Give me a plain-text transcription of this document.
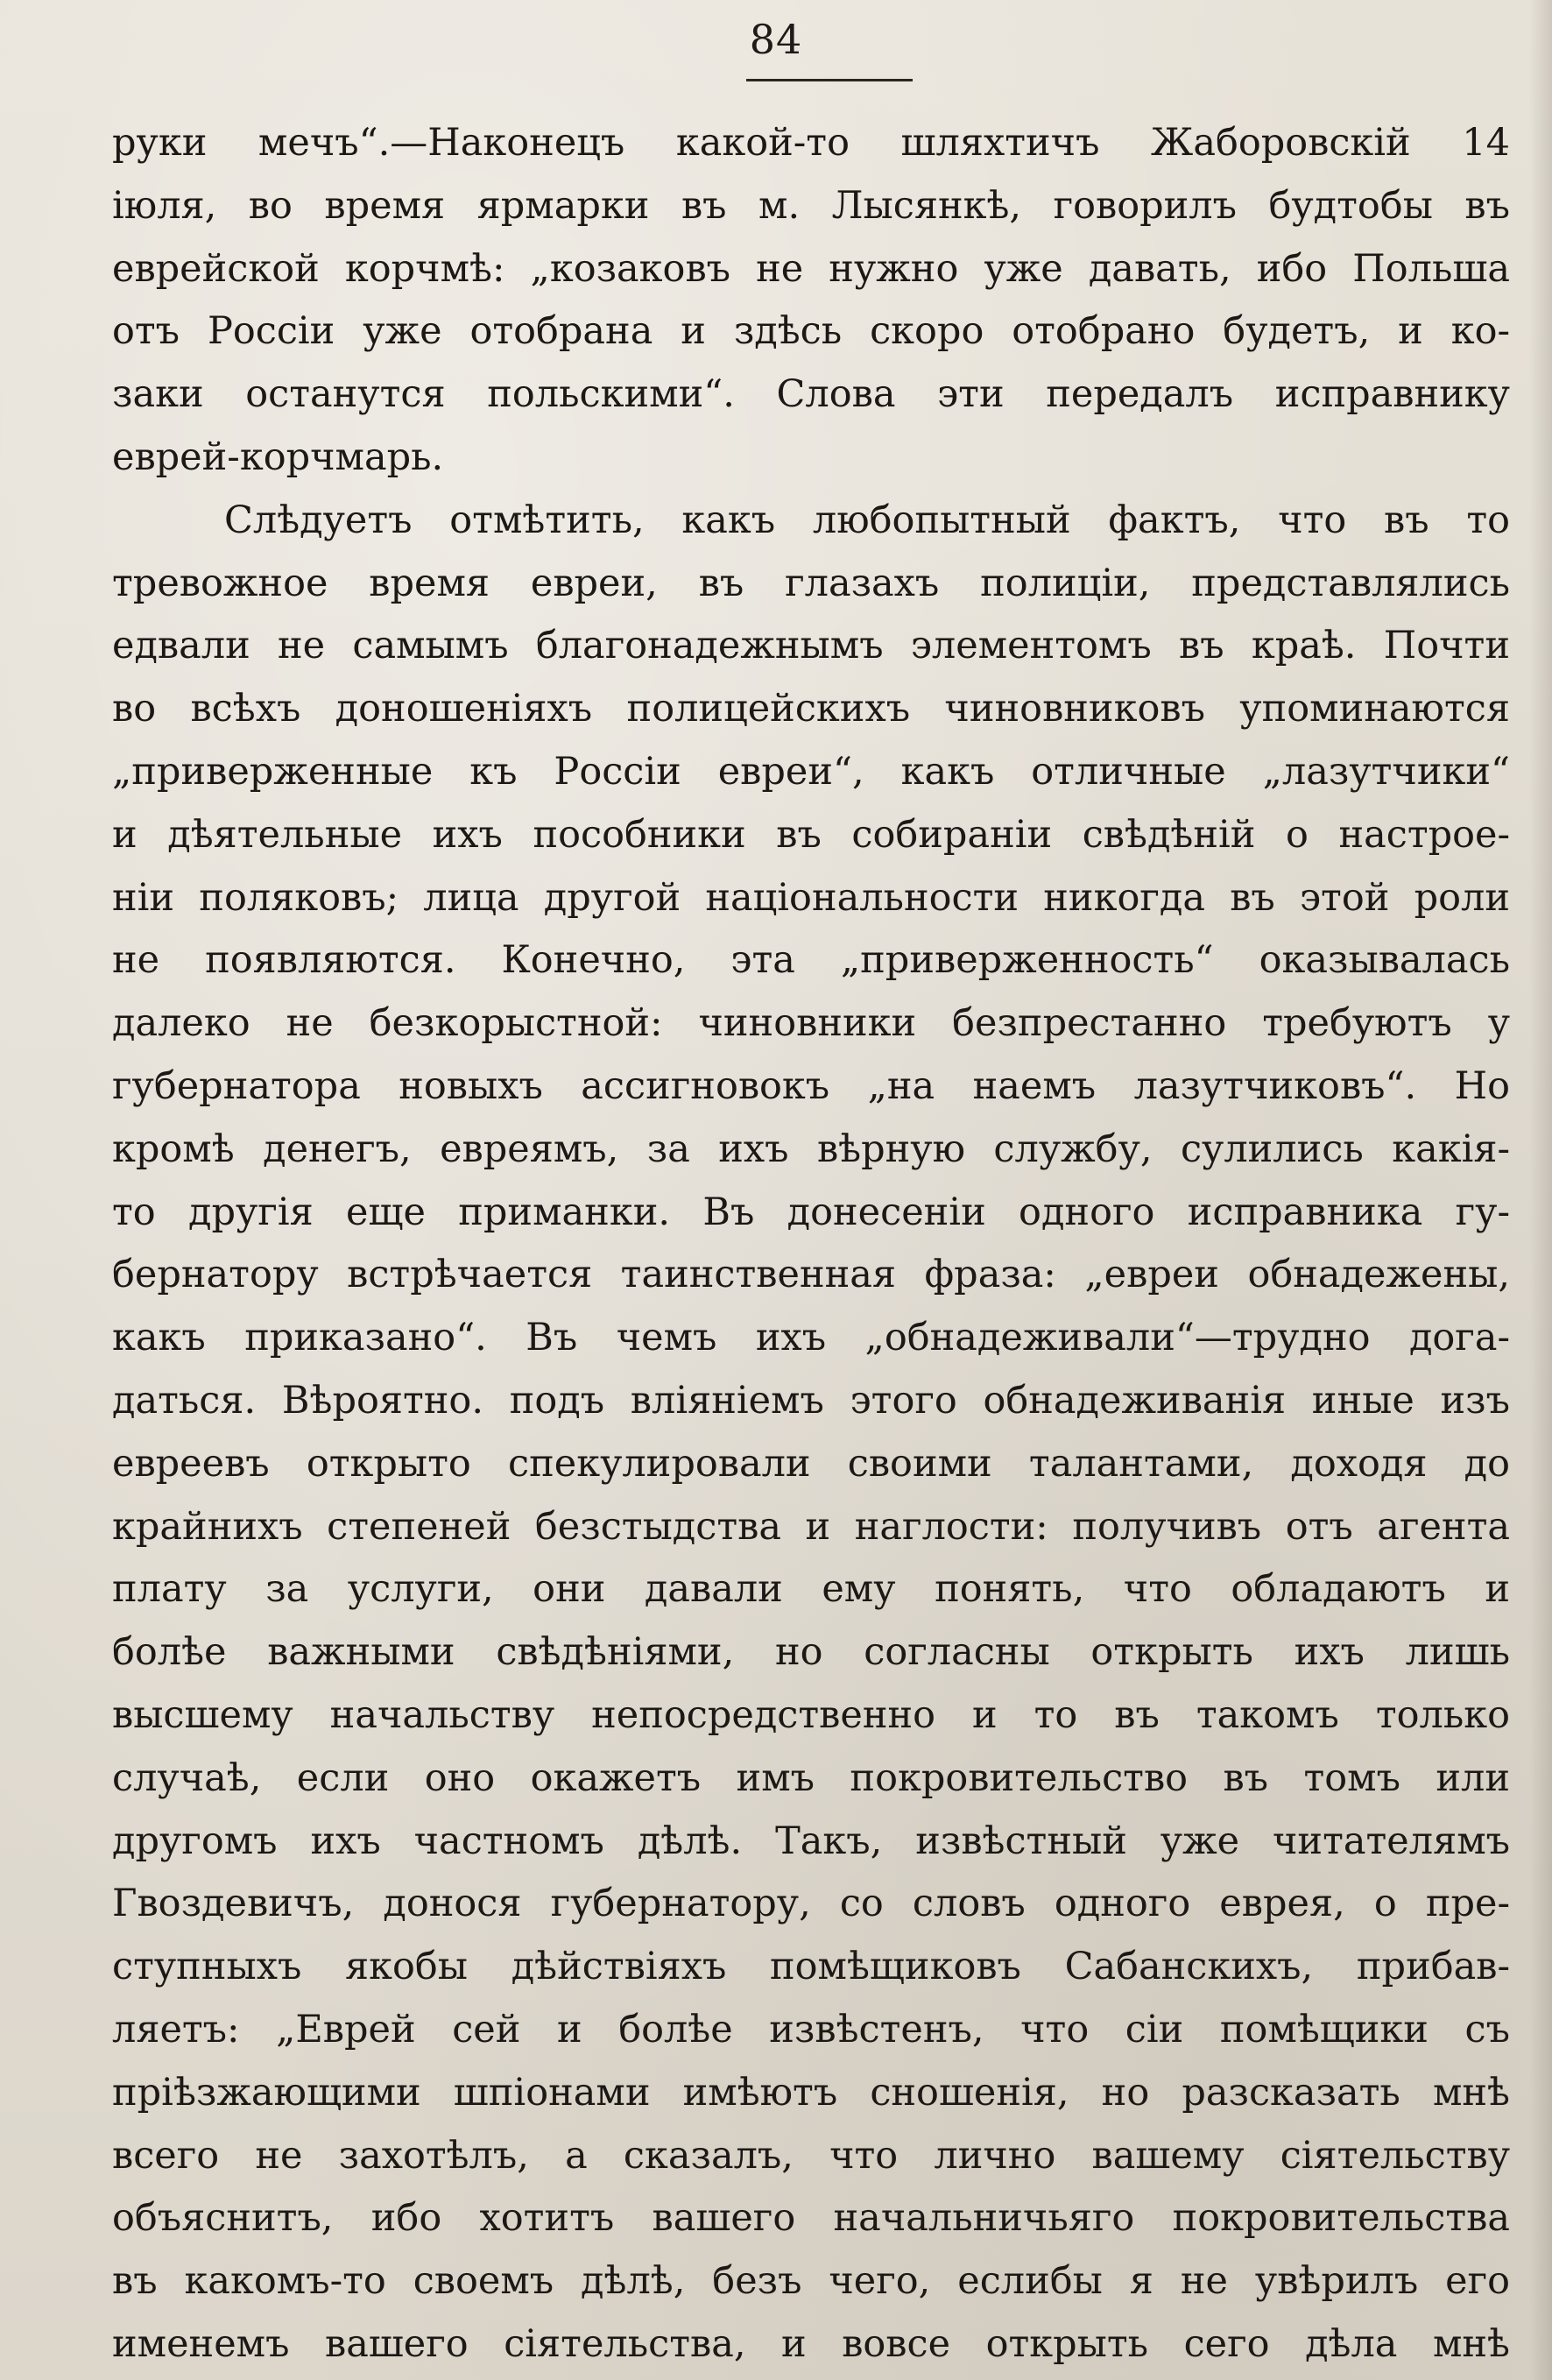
84
руки мечъ“.—Наконецъ какой-то шляхтичъ Жаборовскій 14
іюля, во время ярмарки въ м. Лысянкѣ, говорилъ будтобы въ
еврейской корчмѣ: „козаковъ не нужно уже давать, ибо Польша
отъ Россіи уже отобрана и здѣсь скоро отобрано будетъ, и ко-
заки останутся польскими“. Слова эти передалъ исправнику
еврей-корчмарь.
Слѣдуетъ отмѣтить, какъ любопытный фактъ, что въ то
тревожное время евреи, въ глазахъ полиціи, представлялись
едвали не самымъ благонадежнымъ элементомъ въ краѣ. Почти
во всѣхъ доношеніяхъ полицейскихъ чиновниковъ упоминаются
„приверженные къ Россіи евреи“, какъ отличные „лазутчики“
и дѣятельные ихъ пособники въ собираніи свѣдѣній о настрое-
ніи поляковъ; лица другой національности никогда въ этой роли
не появляются. Конечно, эта „приверженность“ оказывалась
далеко не безкорыстной: чиновники безпрестанно требуютъ у
губернатора новыхъ ассигновокъ „на наемъ лазутчиковъ“. Но
кромѣ денегъ, евреямъ, за ихъ вѣрную службу, сулились какія-
то другія еще приманки. Въ донесеніи одного исправника гу-
бернатору встрѣчается таинственная фраза: „евреи обнадежены,
какъ приказано“. Въ чемъ ихъ „обнадеживали“—трудно дога-
даться. Вѣроятно. подъ вліяніемъ этого обнадеживанія иные изъ
евреевъ открыто спекулировали своими талантами, доходя до
крайнихъ степеней безстыдства и наглости: получивъ отъ агента
плату за услуги, они давали ему понять, что обладаютъ и
болѣе важными свѣдѣніями, но согласны открыть ихъ лишь
высшему начальству непосредственно и то въ такомъ только
случаѣ, если оно окажетъ имъ покровительство въ томъ или
другомъ ихъ частномъ дѣлѣ. Такъ, извѣстный уже читателямъ
Гвоздевичъ, донося губернатору, со словъ одного еврея, о пре-
ступныхъ якобы дѣйствіяхъ помѣщиковъ Сабанскихъ, прибав-
ляетъ: „Еврей сей и болѣе извѣстенъ, что сіи помѣщики съ
пріѣзжающими шпіонами имѣютъ сношенія, но разсказать мнѣ
всего не захотѣлъ, а сказалъ, что лично вашему сіятельству
объяснитъ, ибо хотитъ вашего начальничьяго покровительства
въ какомъ-то своемъ дѣлѣ, безъ чего, еслибы я не увѣрилъ его
именемъ вашего сіятельства, и вовсе открыть сего дѣла мнѣ
